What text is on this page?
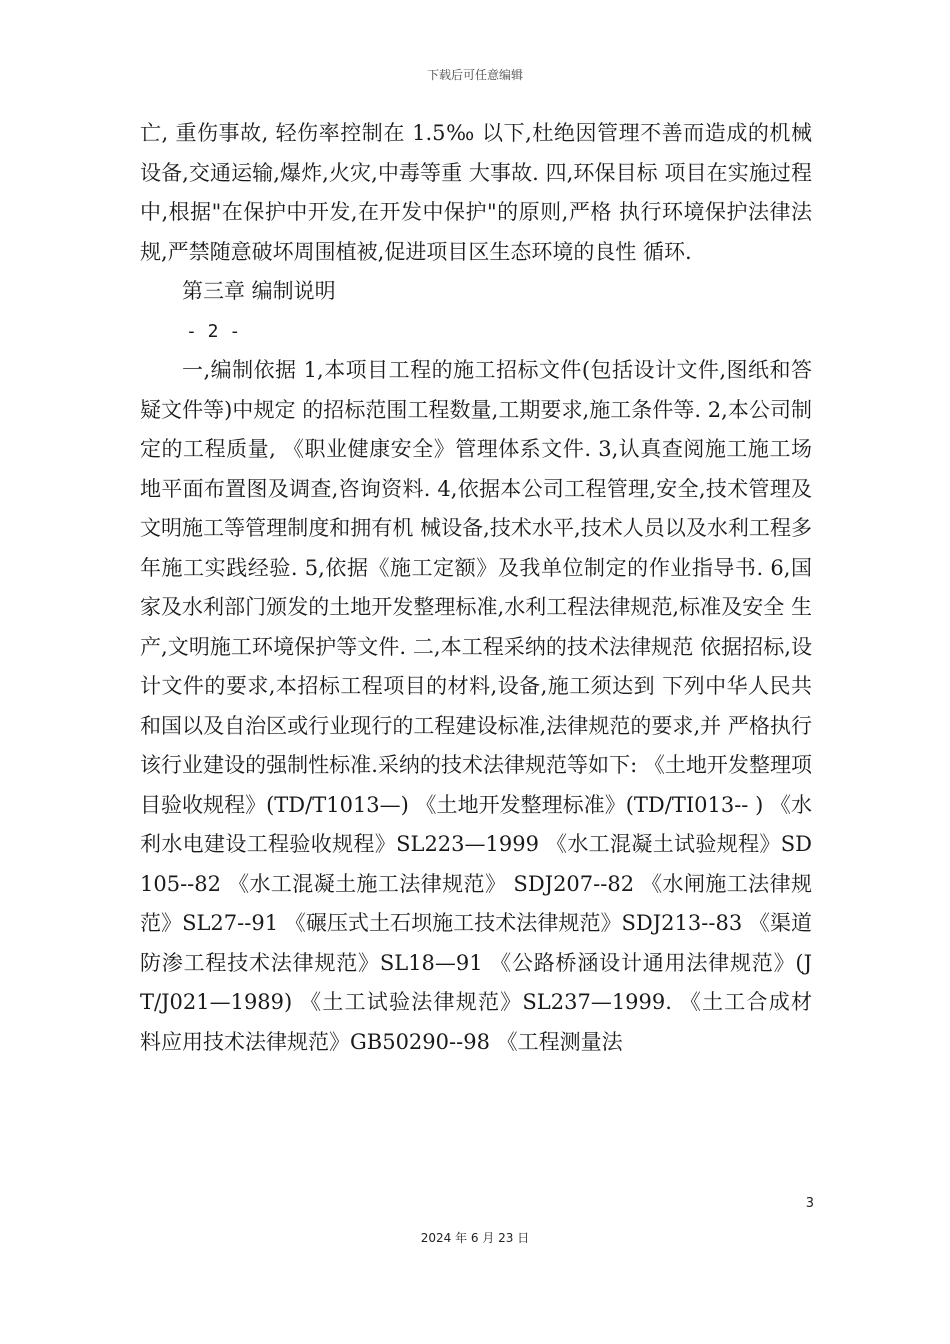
下载后可任意编辑

亡, 重伤事故, 轻伤率控制在 1.5‰ 以下,杜绝因管理不善而造成的机械设备,交通运输,爆炸,火灾,中毒等重 大事故. 四,环保目标 项目在实施过程中,根据"在保护中开发,在开发中保护"的原则,严格 执行环境保护法律法规,严禁随意破坏周围植被,促进项目区生态环境的良性 循环.

第三章 编制说明

- 2 -

一,编制依据 1,本项目工程的施工招标文件(包括设计文件,图纸和答疑文件等)中规定 的招标范围工程数量,工期要求,施工条件等. 2,本公司制定的工程质量, 《职业健康安全》管理体系文件. 3,认真查阅施工施工场地平面布置图及调查,咨询资料. 4,依据本公司工程管理,安全,技术管理及文明施工等管理制度和拥有机 械设备,技术水平,技术人员以及水利工程多年施工实践经验. 5,依据《施工定额》及我单位制定的作业指导书. 6,国家及水利部门颁发的土地开发整理标准,水利工程法律规范,标准及安全 生产,文明施工环境保护等文件. 二,本工程采纳的技术法律规范 依据招标,设计文件的要求,本招标工程项目的材料,设备,施工须达到 下列中华人民共和国以及自治区或行业现行的工程建设标准,法律规范的要求,并 严格执行该行业建设的强制性标准.采纳的技术法律规范等如下: 《土地开发整理项目验收规程》(TD/T1013—) 《土地开发整理标准》(TD/TI013-- ) 《水利水电建设工程验收规程》SL223—1999 《水工混凝土试验规程》SD105--82 《水工混凝土施工法律规范》 SDJ207--82 《水闸施工法律规范》SL27--91 《碾压式土石坝施工技术法律规范》SDJ213--83 《渠道防渗工程技术法律规范》SL18—91 《公路桥涵设计通用法律规范》(JT/J021—1989) 《土工试验法律规范》SL237—1999. 《土工合成材料应用技术法律规范》GB50290--98 《工程测量法

3
2024 年 6 月 23 日
